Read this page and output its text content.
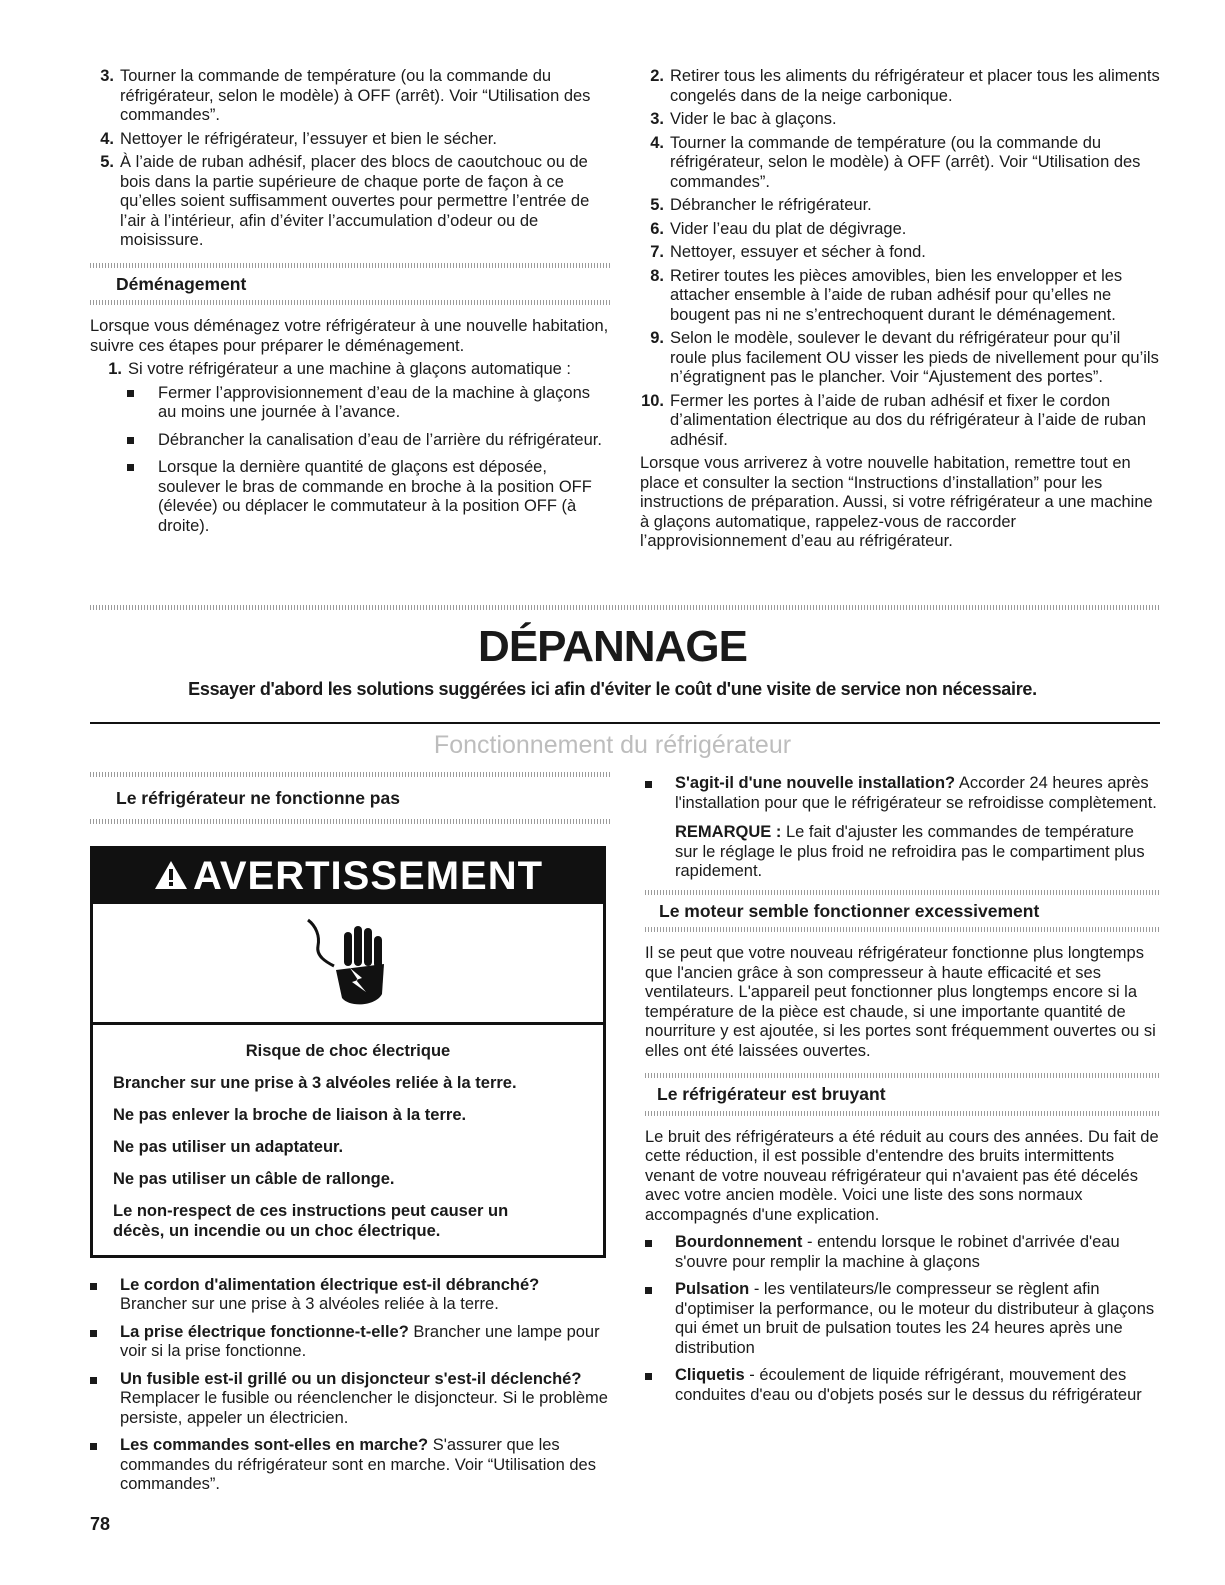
3. Tourner la commande de température (ou la commande du réfrigérateur, selon le modèle) à OFF (arrêt). Voir “Utilisation des commandes”.
4. Nettoyer le réfrigérateur, l’essuyer et bien le sécher.
5. À l’aide de ruban adhésif, placer des blocs de caoutchouc ou de bois dans la partie supérieure de chaque porte de façon à ce qu’elles soient suffisamment ouvertes pour permettre l’entrée de l’air à l’intérieur, afin d’éviter l’accumulation d’odeur ou de moisissure.
Déménagement

Lorsque vous déménagez votre réfrigérateur à une nouvelle habitation, suivre ces étapes pour préparer le déménagement.

1. Si votre réfrigérateur a une machine à glaçons automatique :
Fermer l’approvisionnement d’eau de la machine à glaçons au moins une journée à l’avance.
Débrancher la canalisation d’eau de l’arrière du réfrigérateur.
Lorsque la dernière quantité de glaçons est déposée, soulever le bras de commande en broche à la position OFF (élevée) ou déplacer le commutateur à la position OFF (à droite).
2. Retirer tous les aliments du réfrigérateur et placer tous les aliments congelés dans de la neige carbonique.
3. Vider le bac à glaçons.
4. Tourner la commande de température (ou la commande du réfrigérateur, selon le modèle) à OFF (arrêt). Voir “Utilisation des commandes”.
5. Débrancher le réfrigérateur.
6. Vider l’eau du plat de dégivrage.
7. Nettoyer, essuyer et sécher à fond.
8. Retirer toutes les pièces amovibles, bien les envelopper et les attacher ensemble à l’aide de ruban adhésif pour qu’elles ne bougent pas ni ne s’entrechoquent durant le déménagement.
9. Selon le modèle, soulever le devant du réfrigérateur pour qu’il roule plus facilement OU visser les pieds de nivellement pour qu’ils n’égratignent pas le plancher. Voir “Ajustement des portes”.
10. Fermer les portes à l’aide de ruban adhésif et fixer le cordon d’alimentation électrique au dos du réfrigérateur à l’aide de ruban adhésif.

Lorsque vous arriverez à votre nouvelle habitation, remettre tout en place et consulter la section “Instructions d’installation” pour les instructions de préparation. Aussi, si votre réfrigérateur a une machine à glaçons automatique, rappelez-vous de raccorder l’approvisionnement d’eau au réfrigérateur.

DÉPANNAGE
Essayer d'abord les solutions suggérées ici afin d'éviter le coût d'une visite de service non nécessaire.
Fonctionnement du réfrigérateur
Le réfrigérateur ne fonctionne pas
AVERTISSEMENT

Risque de choc électrique

Brancher sur une prise à 3 alvéoles reliée à la terre.

Ne pas enlever la broche de liaison à la terre.

Ne pas utiliser un adaptateur.

Ne pas utiliser un câble de rallonge.

Le non-respect de ces instructions peut causer un décès, un incendie ou un choc électrique.

Le cordon d'alimentation électrique est-il débranché? Brancher sur une prise à 3 alvéoles reliée à la terre.
La prise électrique fonctionne-t-elle? Brancher une lampe pour voir si la prise fonctionne.
Un fusible est-il grillé ou un disjoncteur s'est-il déclenché? Remplacer le fusible ou réenclencher le disjoncteur. Si le problème persiste, appeler un électricien.
Les commandes sont-elles en marche? S'assurer que les commandes du réfrigérateur sont en marche. Voir “Utilisation des commandes”.
S'agit-il d'une nouvelle installation? Accorder 24 heures après l'installation pour que le réfrigérateur se refroidisse complètement.

REMARQUE : Le fait d'ajuster les commandes de température sur le réglage le plus froid ne refroidira pas le compartiment plus rapidement.

Le moteur semble fonctionner excessivement

Il se peut que votre nouveau réfrigérateur fonctionne plus longtemps que l'ancien grâce à son compresseur à haute efficacité et ses ventilateurs. L'appareil peut fonctionner plus longtemps encore si la température de la pièce est chaude, si une importante quantité de nourriture y est ajoutée, si les portes sont fréquemment ouvertes ou si elles ont été laissées ouvertes.

Le réfrigérateur est bruyant

Le bruit des réfrigérateurs a été réduit au cours des années. Du fait de cette réduction, il est possible d'entendre des bruits intermittents venant de votre nouveau réfrigérateur qui n'avaient pas été décelés avec votre ancien modèle. Voici une liste des sons normaux accompagnés d'une explication.

Bourdonnement - entendu lorsque le robinet d'arrivée d'eau s'ouvre pour remplir la machine à glaçons
Pulsation - les ventilateurs/le compresseur se règlent afin d'optimiser la performance, ou le moteur du distributeur à glaçons qui émet un bruit de pulsation toutes les 24 heures après une distribution
Cliquetis - écoulement de liquide réfrigérant, mouvement des conduites d'eau ou d'objets posés sur le dessus du réfrigérateur
78
